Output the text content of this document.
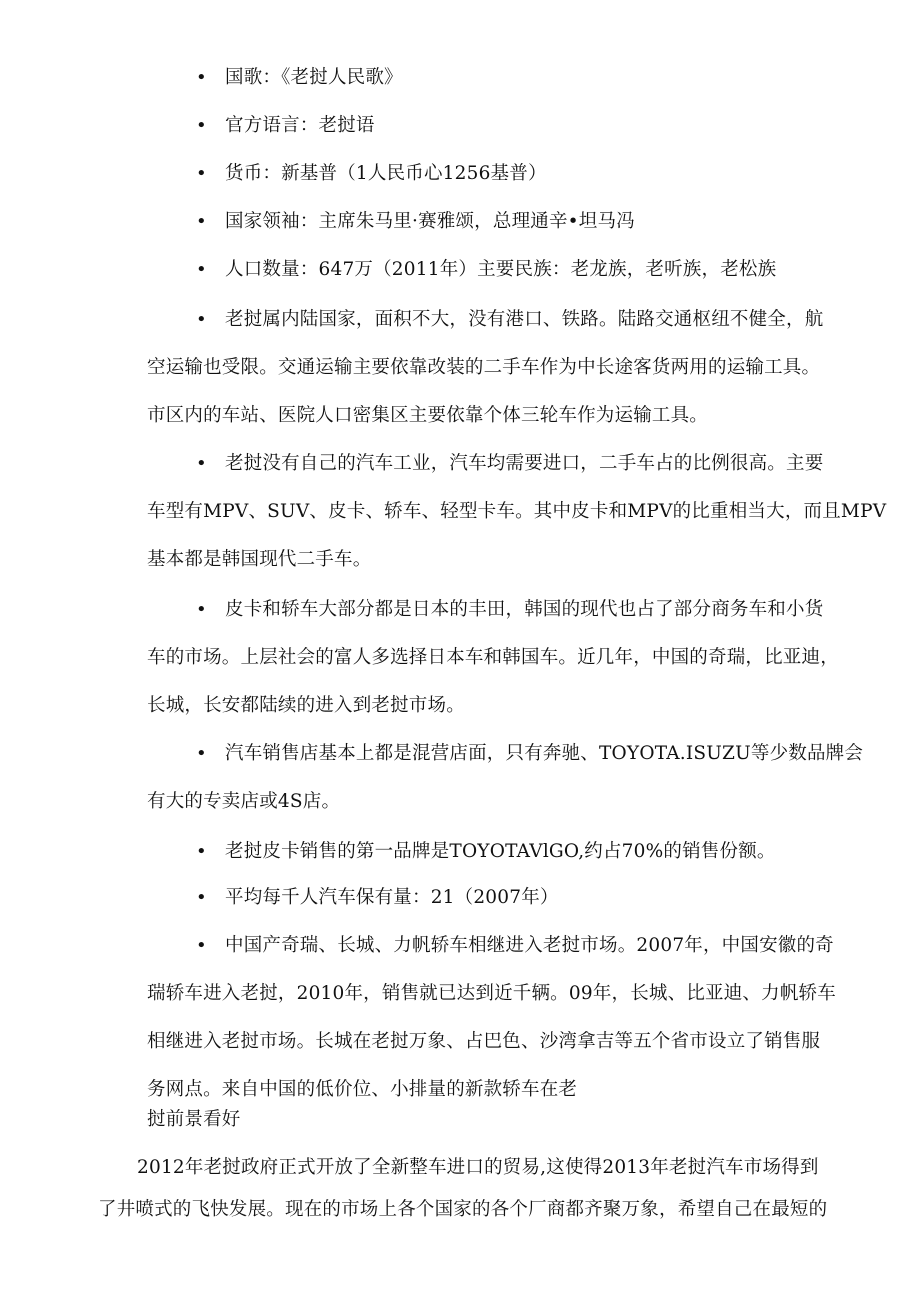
• 国歌：《老挝人民歌》
• 官方语言：老挝语
• 货币：新基普（1人民币心1256基普）
• 国家领袖：主席朱马里·赛雅颂，总理通辛•坦马冯
• 人口数量：647万（2011年）主要民族：老龙族，老听族，老松族
• 老挝属内陆国家，面积不大，没有港口、铁路。陆路交通枢纽不健全，航
空运输也受限。交通运输主要依靠改装的二手车作为中长途客货两用的运输工具。
市区内的车站、医院人口密集区主要依靠个体三轮车作为运输工具。
• 老挝没有自己的汽车工业，汽车均需要进口，二手车占的比例很高。主要
车型有MPV、SUV、皮卡、轿车、轻型卡车。其中皮卡和MPV的比重相当大，而且MPV
基本都是韩国现代二手车。
• 皮卡和轿车大部分都是日本的丰田，韩国的现代也占了部分商务车和小货
车的市场。上层社会的富人多选择日本车和韩国车。近几年，中国的奇瑞，比亚迪，
长城，长安都陆续的进入到老挝市场。
• 汽车销售店基本上都是混营店面，只有奔驰、TOYOTA.ISUZU等少数品牌会
有大的专卖店或4S店。
• 老挝皮卡销售的第一品牌是TOYOTAVlGO,约占70%的销售份额。
• 平均每千人汽车保有量：21（2007年）
• 中国产奇瑞、长城、力帆轿车相继进入老挝市场。2007年，中国安徽的奇
瑞轿车进入老挝，2010年，销售就已达到近千辆。09年，长城、比亚迪、力帆轿车
相继进入老挝市场。长城在老挝万象、占巴色、沙湾拿吉等五个省市设立了销售服
务网点。来自中国的低价位、小排量的新款轿车在老
挝前景看好
2012年老挝政府正式开放了全新整车进口的贸易,这使得2013年老挝汽车市场得到
了井喷式的飞快发展。现在的市场上各个国家的各个厂商都齐聚万象，希望自己在最短的
